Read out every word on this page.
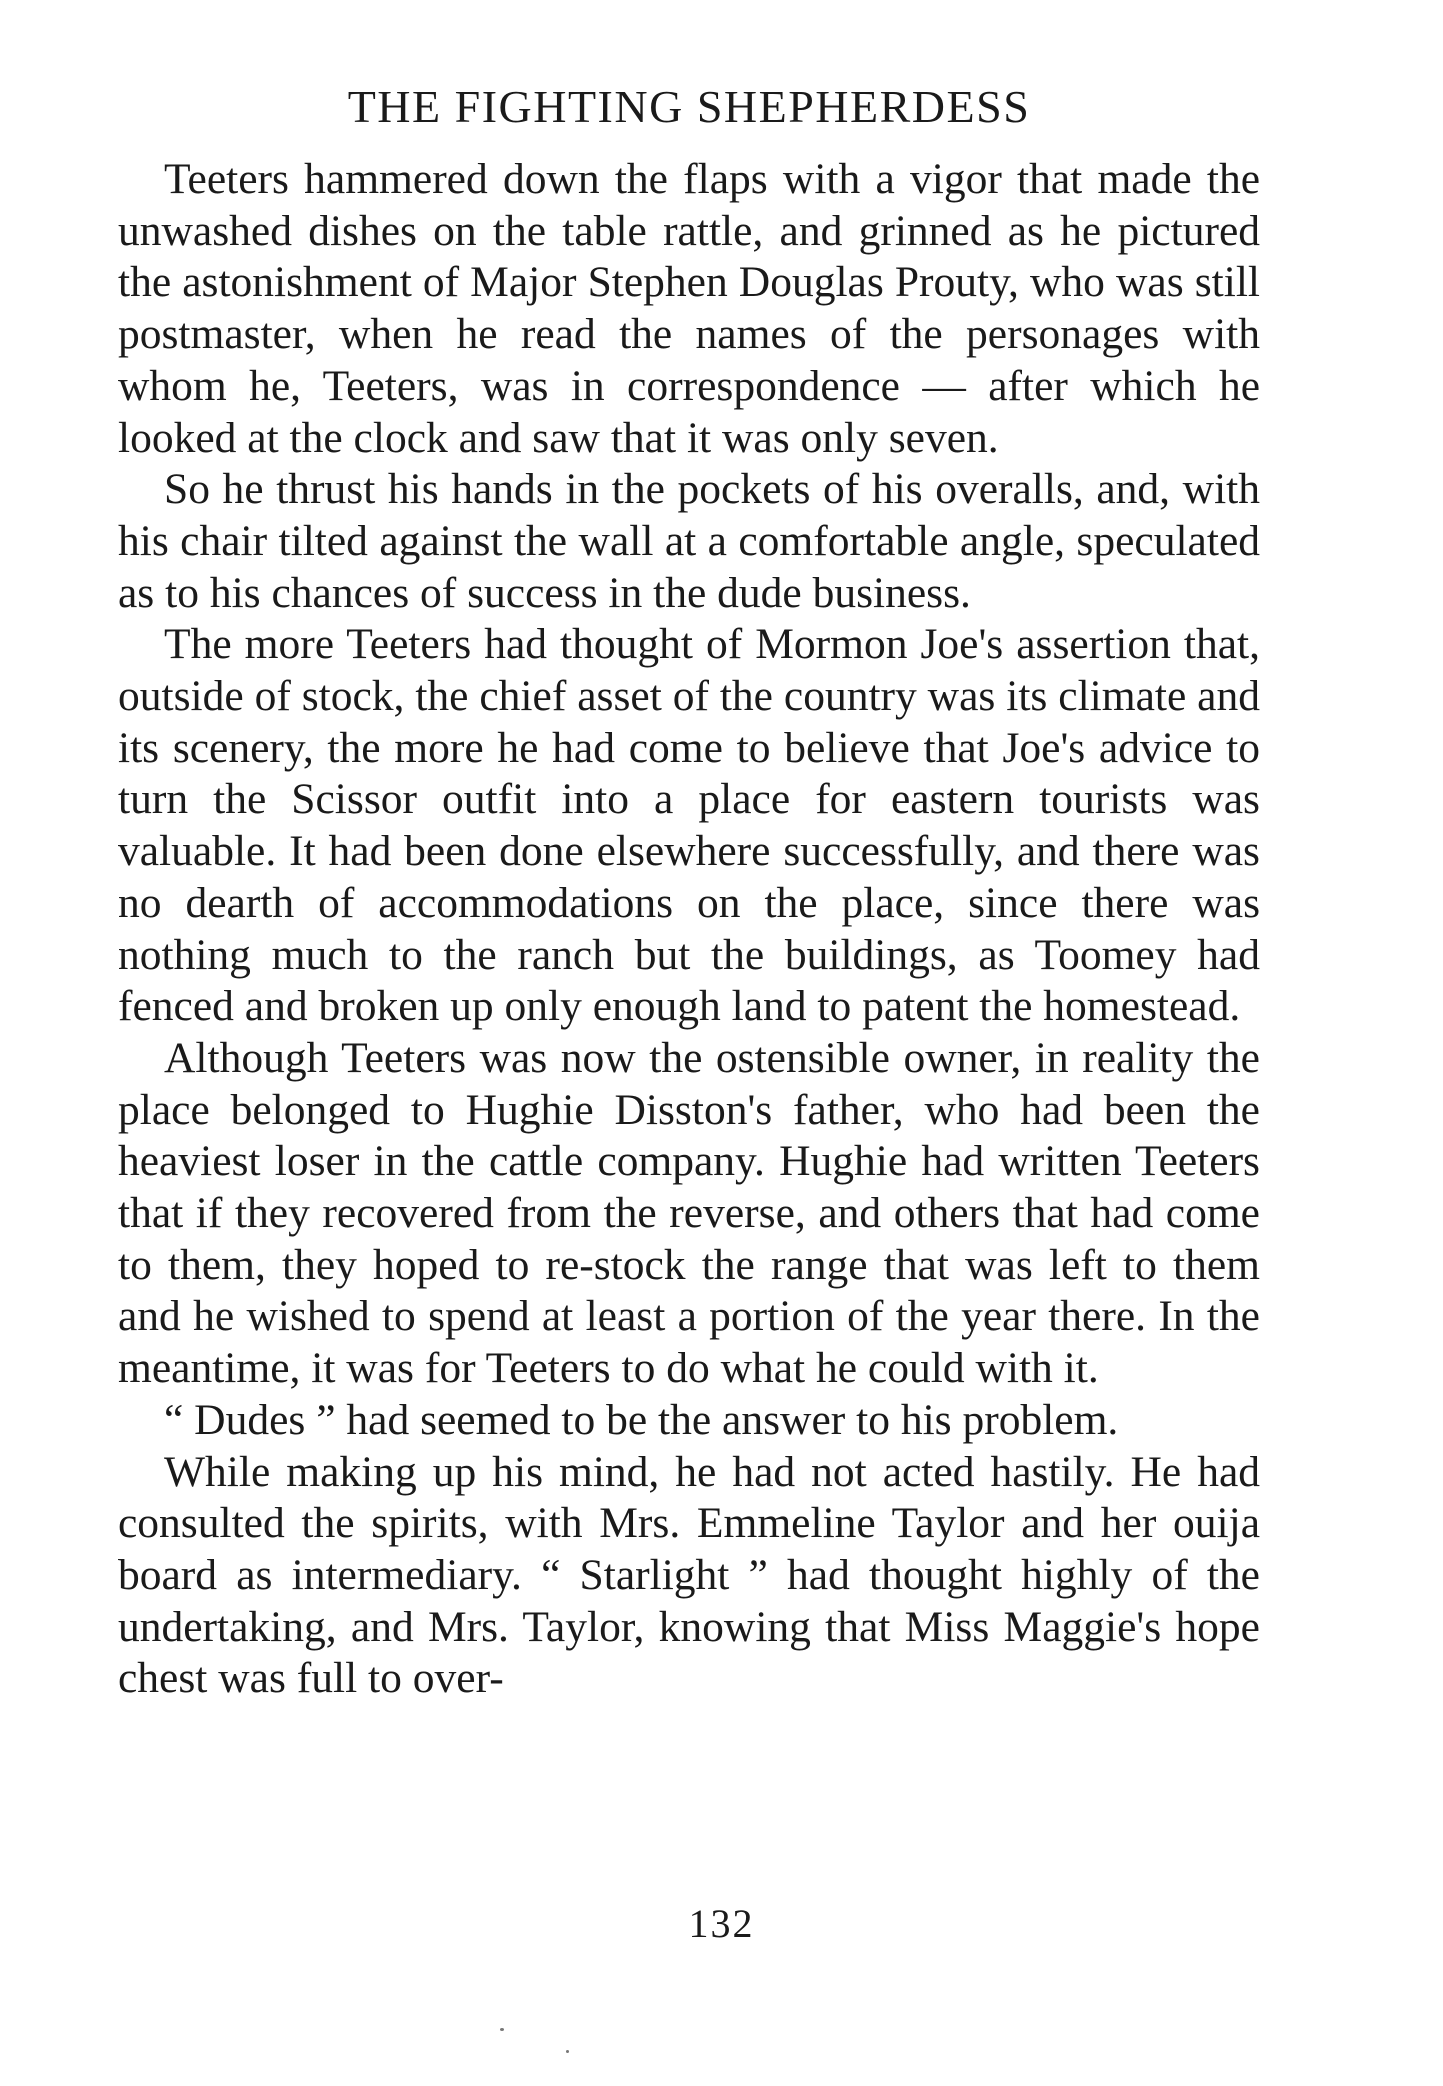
THE FIGHTING SHEPHERDESS

Teeters hammered down the flaps with a vigor that made the unwashed dishes on the table rattle, and grinned as he pictured the astonishment of Major Stephen Douglas Prouty, who was still postmaster, when he read the names of the personages with whom he, Teeters, was in correspondence — after which he looked at the clock and saw that it was only seven.

So he thrust his hands in the pockets of his overalls, and, with his chair tilted against the wall at a comfortable angle, speculated as to his chances of success in the dude business.

The more Teeters had thought of Mormon Joe's assertion that, outside of stock, the chief asset of the country was its climate and its scenery, the more he had come to believe that Joe's advice to turn the Scissor outfit into a place for eastern tourists was valuable. It had been done elsewhere successfully, and there was no dearth of accommodations on the place, since there was nothing much to the ranch but the buildings, as Toomey had fenced and broken up only enough land to patent the homestead.

Although Teeters was now the ostensible owner, in reality the place belonged to Hughie Disston's father, who had been the heaviest loser in the cattle company. Hughie had written Teeters that if they recovered from the reverse, and others that had come to them, they hoped to re-stock the range that was left to them and he wished to spend at least a portion of the year there. In the meantime, it was for Teeters to do what he could with it.

“ Dudes ” had seemed to be the answer to his problem.

While making up his mind, he had not acted hastily. He had consulted the spirits, with Mrs. Emmeline Taylor and her ouija board as intermediary. “ Starlight ” had thought highly of the undertaking, and Mrs. Taylor, knowing that Miss Maggie's hope chest was full to over-

132
